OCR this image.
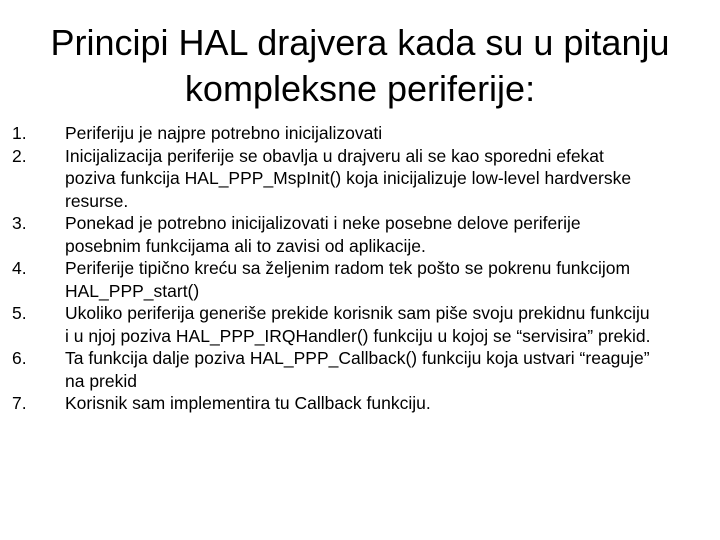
Principi HAL drajvera kada su u pitanju
kompleksne periferije:
1. Periferiju je najpre potrebno inicijalizovati
2. Inicijalizacija periferije se obavlja u drajveru ali se kao sporedni efekat poziva funkcija HAL_PPP_MspInit() koja inicijalizuje low-level hardverske resurse.
3. Ponekad je potrebno inicijalizovati i neke posebne delove periferije posebnim funkcijama ali to zavisi od aplikacije.
4. Periferije tipično kreću sa željenim radom tek pošto se pokrenu funkcijom HAL_PPP_start()
5. Ukoliko periferija generiše prekide korisnik sam piše svoju prekidnu funkciju i u njoj poziva HAL_PPP_IRQHandler() funkciju u kojoj se “servisira” prekid.
6. Ta funkcija dalje poziva HAL_PPP_Callback() funkciju koja ustvari “reaguje” na prekid
7. Korisnik sam implementira tu Callback funkciju.
